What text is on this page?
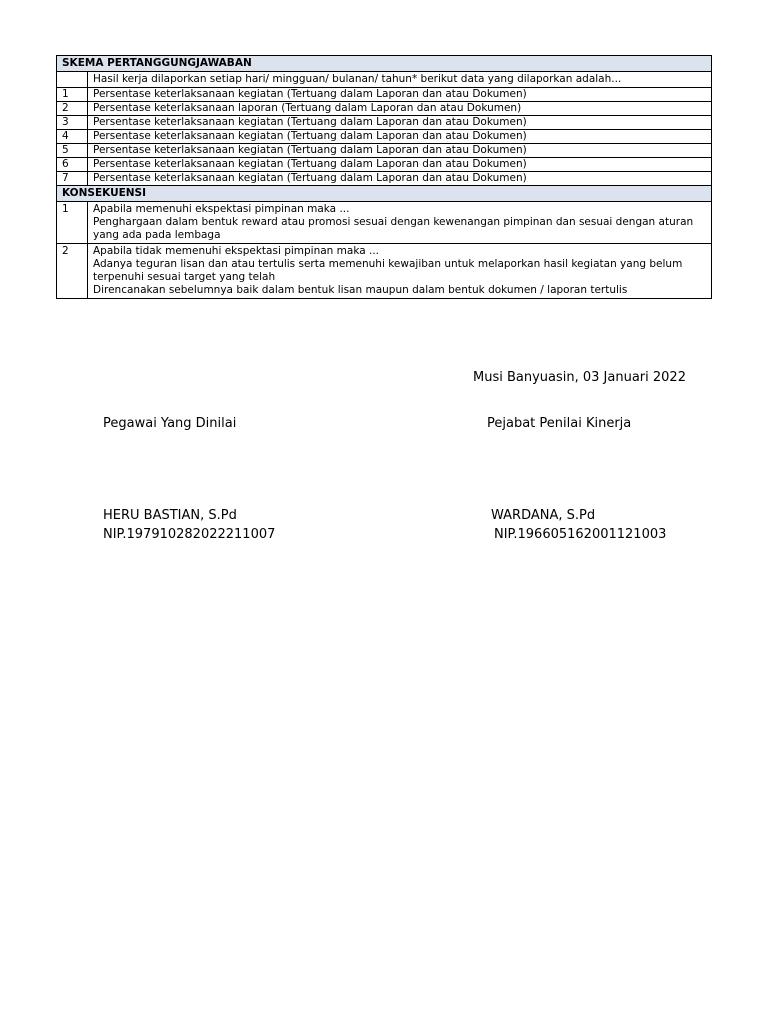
SKEMA PERTANGGUNGJAWABAN	
	Hasil kerja dilaporkan setiap hari/ mingguan/ bulanan/ tahun* berikut data yang dilaporkan adalah...
1	Persentase keterlaksanaan kegiatan (Tertuang dalam Laporan dan atau Dokumen)
2	Persentase keterlaksanaan laporan (Tertuang dalam Laporan dan atau Dokumen)
3	Persentase keterlaksanaan kegiatan (Tertuang dalam Laporan dan atau Dokumen)
4	Persentase keterlaksanaan kegiatan (Tertuang dalam Laporan dan atau Dokumen)
5	Persentase keterlaksanaan kegiatan (Tertuang dalam Laporan dan atau Dokumen)
6	Persentase keterlaksanaan kegiatan (Tertuang dalam Laporan dan atau Dokumen)
7	Persentase keterlaksanaan kegiatan (Tertuang dalam Laporan dan atau Dokumen)
KONSEKUENSI	
1	Apabila memenuhi ekspektasi pimpinan maka ...
Penghargaan dalam bentuk reward atau promosi sesuai dengan kewenangan pimpinan dan sesuai dengan aturan
yang ada pada lembaga

2	Apabila tidak memenuhi ekspektasi pimpinan maka ...
Adanya teguran lisan dan atau tertulis serta memenuhi kewajiban untuk melaporkan hasil kegiatan yang belum
terpenuhi sesuai target yang telah
Direncanakan sebelumnya baik dalam bentuk lisan maupun dalam bentuk dokumen / laporan tertulis
Musi Banyuasin, 03 Januari 2022
Pegawai Yang Dinilai	Pejabat Penilai Kinerja
HERU BASTIAN, S.Pd
NIP.197910282022211007
WARDANA, S.Pd
NIP.196605162001121003
